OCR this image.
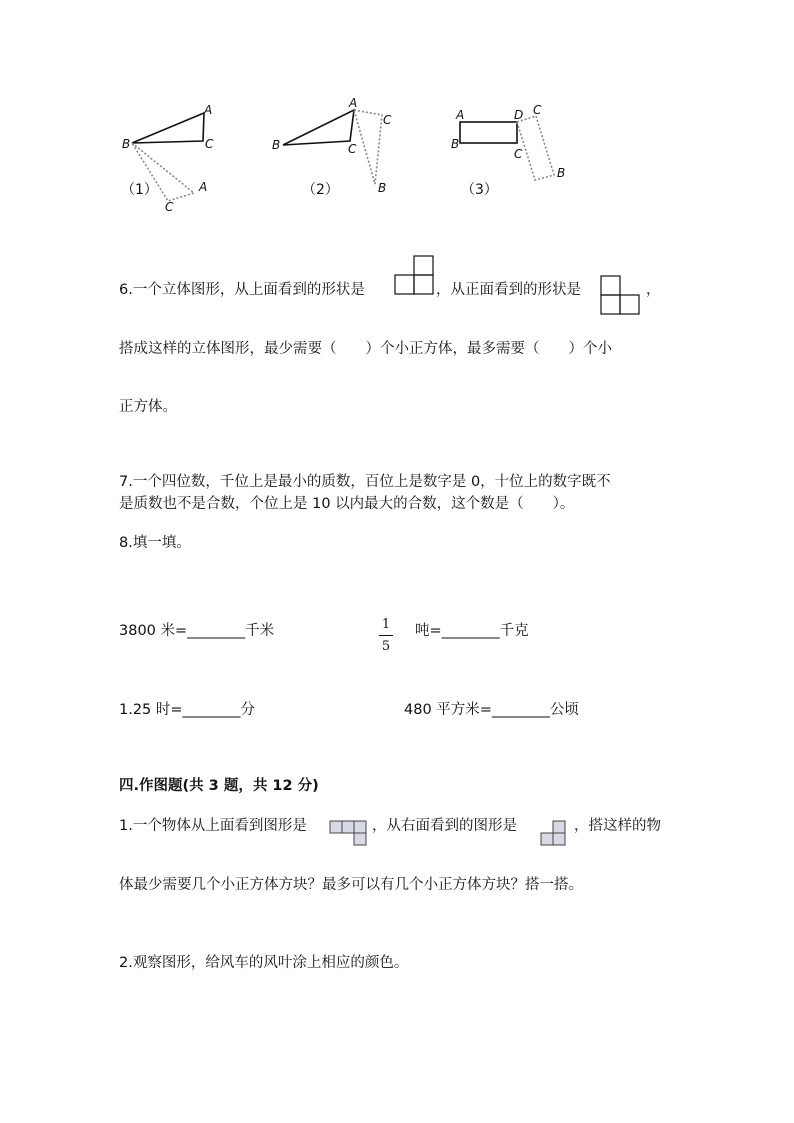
A
B	C
A
C
（1）
A
B	C
C
B
（2）
A
B
D
C
C
B
（3）
6.一个立体图形，从上面看到的形状是	，从正面看到的形状是	，
搭成这样的立体图形，最少需要（　　）个小正方体，最多需要（　　）个小
正方体。
7.一个四位数，千位上是最小的质数，百位上是数字是 0，十位上的数字既不
是质数也不是合数，个位上是 10 以内最大的合数，这个数是（　　）。
8.填一填。
3800 米=________千米	1
5
吨=________千克
1.25 时=________分	480 平方米=________公顷
四.作图题(共 3 题，共 12 分)
1.一个物体从上面看到图形是	，从右面看到的图形是	，搭这样的物
体最少需要几个小正方体方块？最多可以有几个小正方体方块？搭一搭。
2.观察图形，给风车的风叶涂上相应的颜色。
